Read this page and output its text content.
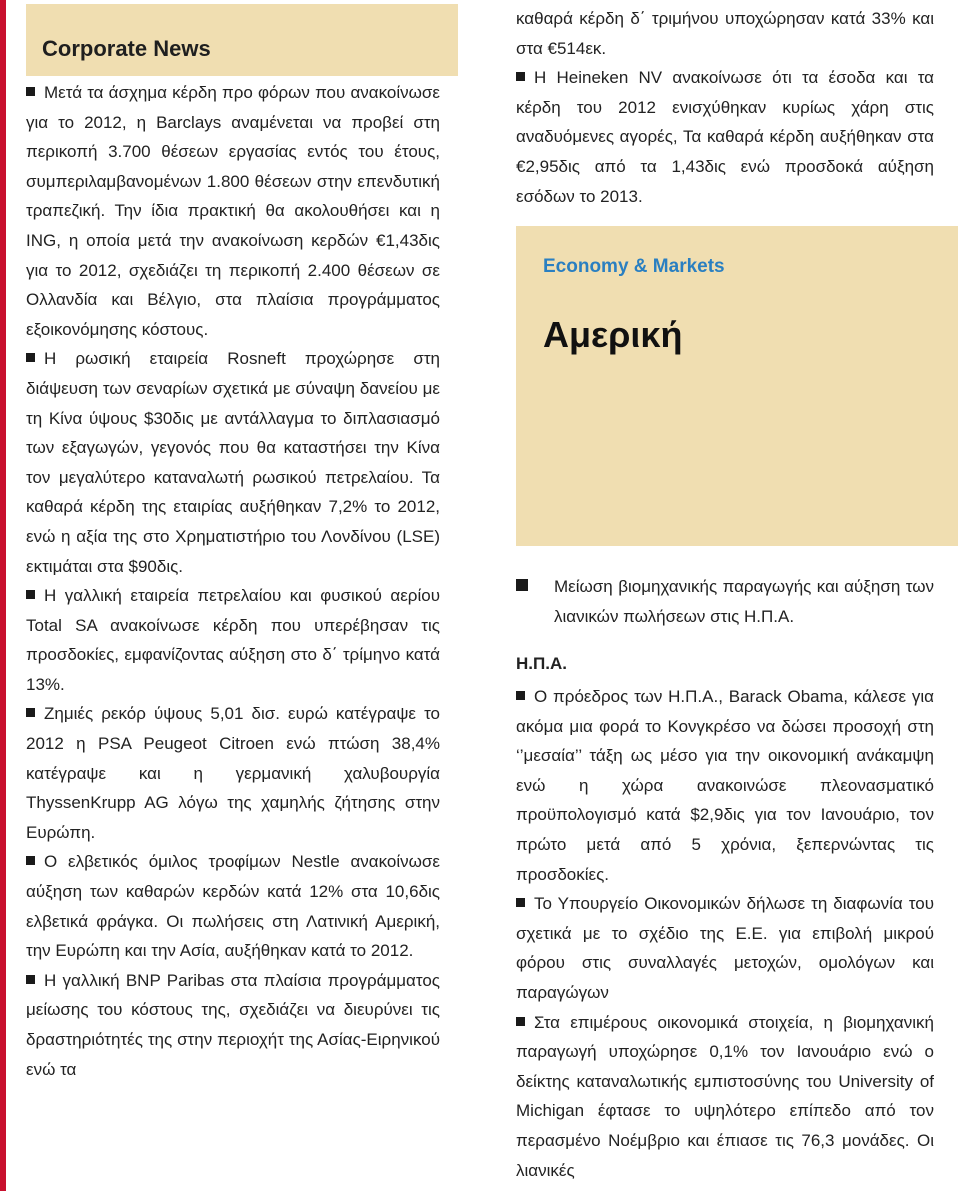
Corporate News

Μετά τα άσχημα κέρδη προ φόρων που ανακοίνωσε για το 2012, η Barclays αναμένεται να προβεί στη περικοπή 3.700 θέσεων εργασίας εντός του έτους, συμπεριλαμβανομένων 1.800 θέσεων στην επενδυτική τραπεζική. Την ίδια πρακτική θα ακολουθήσει και η ING, η οποία μετά την ανακοίνωση κερδών €1,43δις για το 2012, σχεδιάζει τη περικοπή 2.400 θέσεων σε Ολλανδία και Βέλγιο, στα πλαίσια προγράμματος εξοικονόμησης κόστους.

Η ρωσική εταιρεία Rosneft προχώρησε στη διάψευση των σεναρίων σχετικά με σύναψη δανείου με τη Κίνα ύψους $30δις με αντάλλαγμα το διπλασιασμό των εξαγωγών, γεγονός που θα καταστήσει την Κίνα τον μεγαλύτερο καταναλωτή ρωσικού πετρελαίου. Τα καθαρά κέρδη της εταιρίας αυξήθηκαν 7,2% το 2012, ενώ η αξία της στο Χρηματιστήριο του Λονδίνου (LSE) εκτιμάται στα $90δις.

Η γαλλική εταιρεία πετρελαίου και φυσικού αερίου Total SA ανακοίνωσε κέρδη που υπερέβησαν τις προσδοκίες, εμφανίζοντας αύξηση στο δ΄ τρίμηνο κατά 13%.

Ζημιές ρεκόρ ύψους 5,01 δισ. ευρώ κατέγραψε το 2012 η PSA Peugeot Citroen ενώ πτώση 38,4% κατέγραψε και η γερμανική χαλυβουργία ThyssenKrupp AG λόγω της χαμηλής ζήτησης στην Ευρώπη.

Ο ελβετικός όμιλος τροφίμων Nestle ανακοίνωσε αύξηση των καθαρών κερδών κατά 12% στα 10,6δις ελβετικά φράγκα. Οι πωλήσεις στη Λατινική Αμερική, την Ευρώπη και την Ασία, αυξήθηκαν κατά το 2012.

Η γαλλική BNP Paribas στα πλαίσια προγράμματος μείωσης του κόστους της, σχεδιάζει να διευρύνει τις δραστηριότητές της στην περιοχήτ της Ασίας-Ειρηνικού ενώ τα

καθαρά κέρδη δ΄ τριμήνου υποχώρησαν κατά 33% και στα €514εκ.

Η Heineken NV ανακοίνωσε ότι τα έσοδα και τα κέρδη του 2012 ενισχύθηκαν κυρίως χάρη στις αναδυόμενες αγορές, Τα καθαρά κέρδη αυξήθηκαν στα €2,95δις από τα 1,43δις ενώ προσδοκά αύξηση εσόδων το 2013.

Ο πρόεδρος των Η.Π.Α., Barack Obama, κάλεσε για ακόμα μια φορά το Κονγκρέσο να δώσει προσοχή στη ‘’μεσαία’’ τάξη ως μέσο για την οικονομική ανάκαμψη ενώ η χώρα ανακοινώσε πλεονασματικό προϋπολογισμό κατά $2,9δις για τον Ιανουάριο, τον πρώτο μετά από 5 χρόνια, ξεπερνώντας τις προσδοκίες.

Το Υπουργείο Οικονομικών δήλωσε τη διαφωνία του σχετικά με το σχέδιο της Ε.Ε. για επιβολή μικρού φόρου στις συναλλαγές μετοχών, ομολόγων και παραγώγων

Στα επιμέρους οικονομικά στοιχεία, η βιομηχανική παραγωγή υποχώρησε 0,1% τον Ιανουάριο ενώ ο δείκτης καταναλωτικής εμπιστοσύνης του University of Michigan έφτασε το υψηλότερο επίπεδο από τον περασμένο Νοέμβριο και έπιασε τις 76,3 μονάδες. Οι λιανικές

Economy & Markets

Αμερική
Μείωση βιομηχανικής παραγωγής και αύξηση των λιανικών πωλήσεων στις Η.Π.Α.

Η.Π.Α.
